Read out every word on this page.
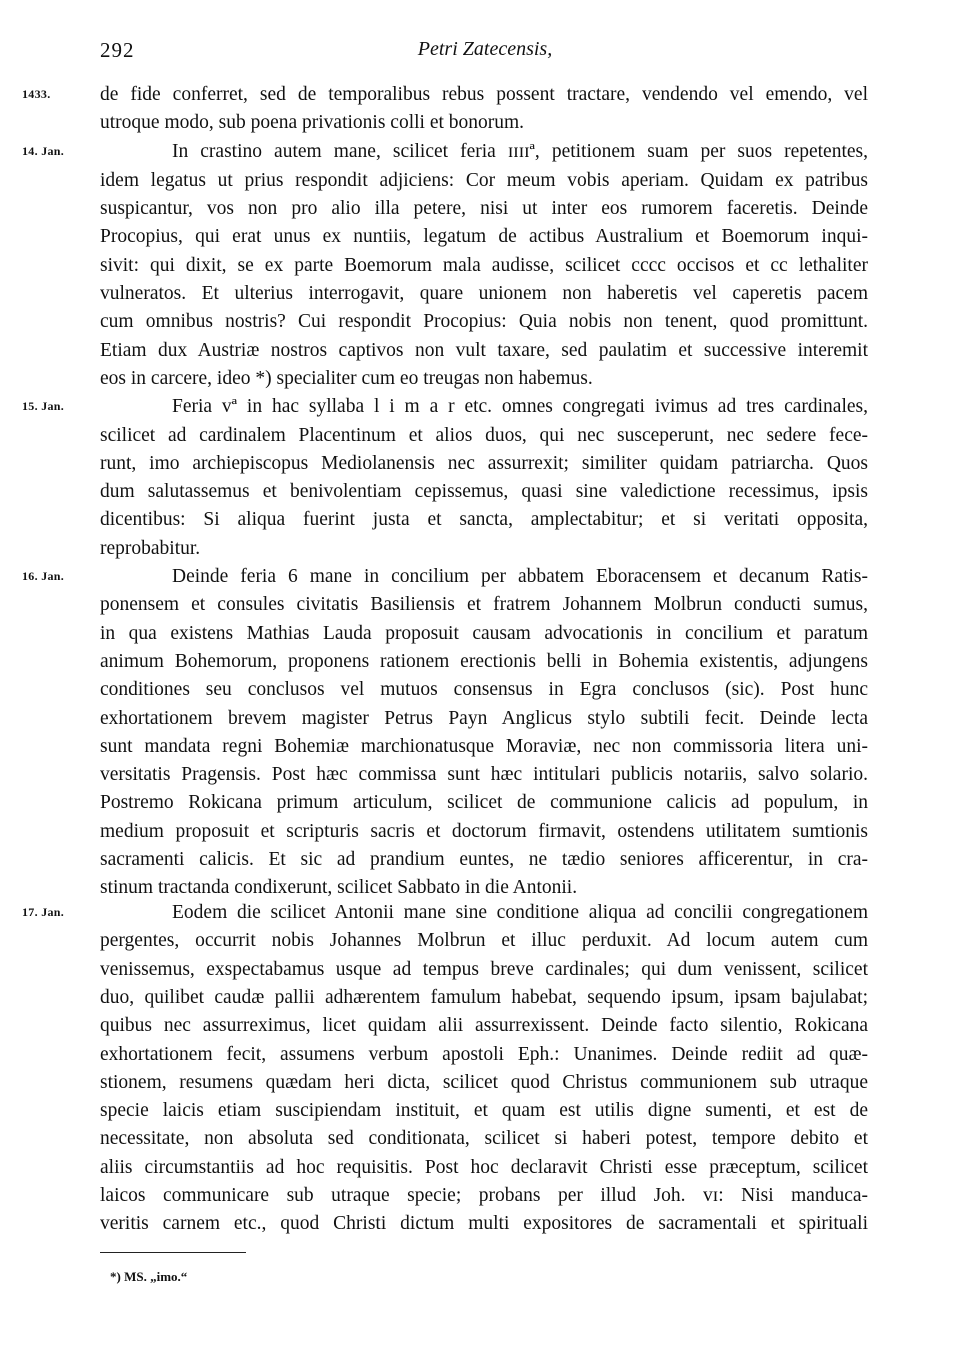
292	Petri Zatecensis,
1433.
14. Jan.
15. Jan.
16. Jan.
17. Jan.
de fide conferret, sed de temporalibus rebus possent tractare, vendendo vel emendo, vel
utroque modo, sub poena privationis colli et bonorum.
In crastino autem mane, scilicet feria ɪɪɪɪª, petitionem suam per suos repetentes,
idem legatus ut prius respondit adjiciens: Cor meum vobis aperiam. Quidam ex patribus
suspicantur, vos non pro alio illa petere, nisi ut inter eos rumorem faceretis. Deinde
Procopius, qui erat unus ex nuntiis, legatum de actibus Australium et Boemorum inqui-
sivit: qui dixit, se ex parte Boemorum mala audisse, scilicet cccc occisos et cc lethaliter
vulneratos. Et ulterius interrogavit, quare unionem non haberetis vel caperetis pacem
cum omnibus nostris? Cui respondit Procopius: Quia nobis non tenent, quod promittunt.
Etiam dux Austriæ nostros captivos non vult taxare, sed paulatim et successive interemit
eos in carcere, ideo *) specialiter cum eo treugas non habemus.
Feria vª in hac syllaba l i m a r etc. omnes congregati ivimus ad tres cardinales,
scilicet ad cardinalem Placentinum et alios duos, qui nec susceperunt, nec sedere fece-
runt, imo archiepiscopus Mediolanensis nec assurrexit; similiter quidam patriarcha. Quos
dum salutassemus et benivolentiam cepissemus, quasi sine valedictione recessimus, ipsis
dicentibus: Si aliqua fuerint justa et sancta, amplectabitur; et si veritati opposita,
reprobabitur.
Deinde feria 6 mane in concilium per abbatem Eboracensem et decanum Ratis-
ponensem et consules civitatis Basiliensis et fratrem Johannem Molbrun conducti sumus,
in qua existens Mathias Lauda proposuit causam advocationis in concilium et paratum
animum Bohemorum, proponens rationem erectionis belli in Bohemia existentis, adjungens
conditiones seu conclusos vel mutuos consensus in Egra conclusos (sic). Post hunc
exhortationem brevem magister Petrus Payn Anglicus stylo subtili fecit. Deinde lecta
sunt mandata regni Bohemiæ marchionatusque Moraviæ, nec non commissoria litera uni-
versitatis Pragensis. Post hæc commissa sunt hæc intitulari publicis notariis, salvo solario.
Postremo Rokicana primum articulum, scilicet de communione calicis ad populum, in
medium proposuit et scripturis sacris et doctorum firmavit, ostendens utilitatem sumtionis
sacramenti calicis. Et sic ad prandium euntes, ne tædio seniores afficerentur, in cra-
stinum tractanda condixerunt, scilicet Sabbato in die Antonii.
Eodem die scilicet Antonii mane sine conditione aliqua ad concilii congregationem
pergentes, occurrit nobis Johannes Molbrun et illuc perduxit. Ad locum autem cum
venissemus, exspectabamus usque ad tempus breve cardinales; qui dum venissent, scilicet
duo, quilibet caudæ pallii adhærentem famulum habebat, sequendo ipsum, ipsam bajulabat;
quibus nec assurreximus, licet quidam alii assurrexissent. Deinde facto silentio, Rokicana
exhortationem fecit, assumens verbum apostoli Eph.: Unanimes. Deinde rediit ad quæ-
stionem, resumens quædam heri dicta, scilicet quod Christus communionem sub utraque
specie laicis etiam suscipiendam instituit, et quam est utilis digne sumenti, et est de
necessitate, non absoluta sed conditionata, scilicet si haberi potest, tempore debito et
aliis circumstantiis ad hoc requisitis. Post hoc declaravit Christi esse præceptum, scilicet
laicos communicare sub utraque specie; probans per illud Joh. ᴠɪ: Nisi manduca-
veritis carnem etc., quod Christi dictum multi expositores de sacramentali et spirituali
*) MS. „imo.“
